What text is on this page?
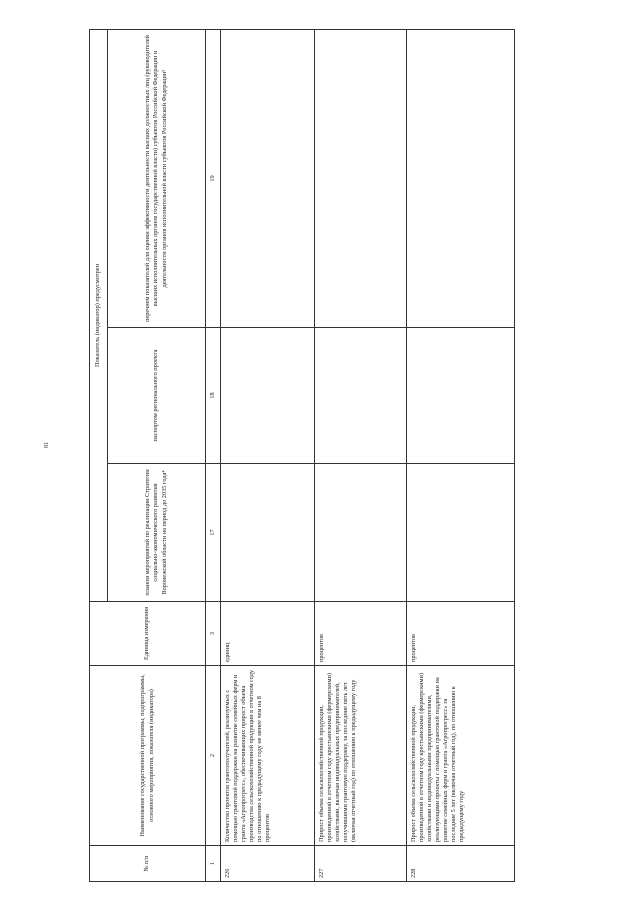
81
№ п/п	Наименование государственной программы, подпрограммы, основного мероприятия, показателя (индикатора)	Единица измерения	Показатель (индикатор) предусмотрен		
			планом мероприятий по реализации Стратегии социально-экономического развития Воронежской области на период до 2035 года⁴	паспортом регионального проекта	перечнем показателей для оценки эффективности деятельности высших должностных лиц (руководителей высших исполнительных органов государственной власти) субъектов Российской Федерации и деятельности органов исполнительной власти субъектов Российской Федерации⁵
1	2	3	17	18	19
226	Количество проектов грантополучателей, реализуемых с помощью грантовой поддержки на развитие семейных ферм и гранта «Агропрогресс», обеспечивающих прирост объема производства сельскохозяйственной продукции в отчетном году по отношению к предыдущему году не менее чем на 8 процентов	единиц			
227	Прирост объема сельскохозяйственной продукции, произведенной в отчетном году крестьянскими (фермерскими) хозяйствами, включая индивидуальных предпринимателей, получившими грантовую поддержку, за последние пять лет (включая отчетный год) по отношению к предыдущему году	процентов			
228	Прирост объема сельскохозяйственной продукции, произведенной в отчетном году крестьянскими (фермерскими) хозяйствами и индивидуальными предпринимателями, реализующими проекты с помощью грантовой поддержки на развитие семейных ферм и гранта «Агропрогресс» за последние 5 лет (включая отчетный год), по отношению к предыдущему году	процентов			
